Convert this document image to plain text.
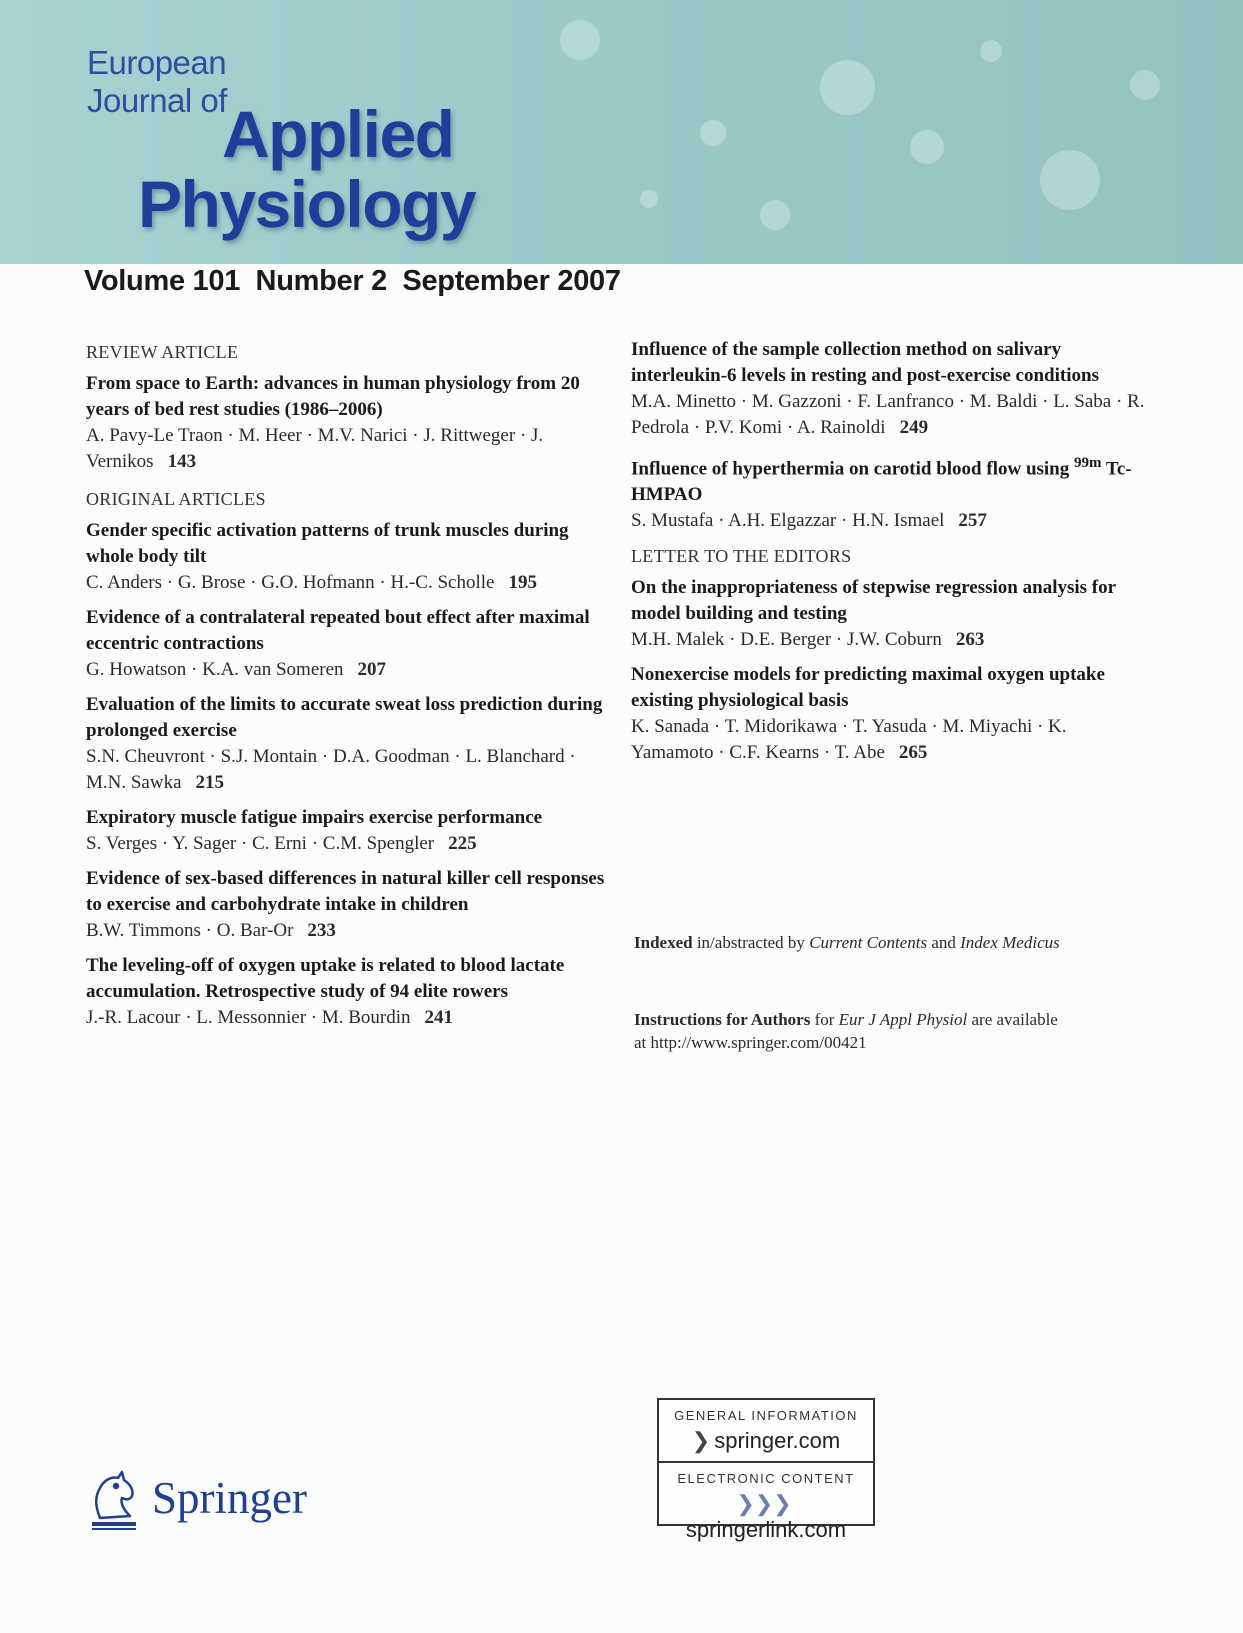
European
Journal of
Applied
Physiology
Volume 101  Number 2  September 2007
REVIEW ARTICLE
From space to Earth: advances in human physiology from 20 years of bed rest studies (1986–2006)
A. Pavy-Le Traon · M. Heer · M.V. Narici · J. Rittweger · J. Vernikos 143
ORIGINAL ARTICLES
Gender specific activation patterns of trunk muscles during whole body tilt
C. Anders · G. Brose · G.O. Hofmann · H.-C. Scholle 195
Evidence of a contralateral repeated bout effect after maximal eccentric contractions
G. Howatson · K.A. van Someren 207
Evaluation of the limits to accurate sweat loss prediction during prolonged exercise
S.N. Cheuvront · S.J. Montain · D.A. Goodman · L. Blanchard · M.N. Sawka 215
Expiratory muscle fatigue impairs exercise performance
S. Verges · Y. Sager · C. Erni · C.M. Spengler 225
Evidence of sex-based differences in natural killer cell responses to exercise and carbohydrate intake in children
B.W. Timmons · O. Bar-Or 233
The leveling-off of oxygen uptake is related to blood lactate accumulation. Retrospective study of 94 elite rowers
J.-R. Lacour · L. Messonnier · M. Bourdin 241
Influence of the sample collection method on salivary interleukin-6 levels in resting and post-exercise conditions
M.A. Minetto · M. Gazzoni · F. Lanfranco · M. Baldi · L. Saba · R. Pedrola · P.V. Komi · A. Rainoldi 249
Influence of hyperthermia on carotid blood flow using $^{99m}$ Tc-HMPAO
S. Mustafa · A.H. Elgazzar · H.N. Ismael 257
LETTER TO THE EDITORS
On the inappropriateness of stepwise regression analysis for model building and testing
M.H. Malek · D.E. Berger · J.W. Coburn 263
Nonexercise models for predicting maximal oxygen uptake existing physiological basis
K. Sanada · T. Midorikawa · T. Yasuda · M. Miyachi · K. Yamamoto · C.F. Kearns · T. Abe 265
Indexed in/abstracted by Current Contents and Index Medicus
Instructions for Authors for Eur J Appl Physiol are available
at http://www.springer.com/00421
GENERAL INFORMATION
❯ springer.com
ELECTRONIC CONTENT
❯❯❯springerlink.com
Springer
